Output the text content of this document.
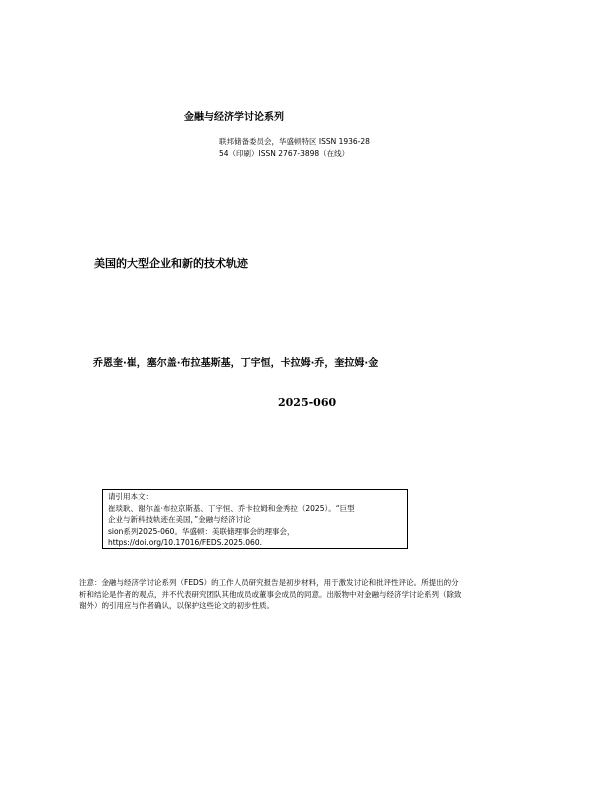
金融与经济学讨论系列
联邦储备委员会，华盛顿特区 ISSN 1936-28
54（印刷）ISSN 2767-3898（在线）
美国的大型企业和新的技术轨迹
乔恩奎·崔，塞尔盖·布拉基斯基，丁宇恒，卡拉姆·乔，奎拉姆·金
2025-060
请引用本文：
崔琰耿、谢尔盖·布拉京斯基、丁宇恒、乔卡拉姆和金秀拉（2025）。“巨型
企业与新科技轨迹在美国，”金融与经济讨论
sion系列2025-060。华盛顿：美联储理事会的理事会，
https://doi.org/10.17016/FEDS.2025.060.
注意：金融与经济学讨论系列（FEDS）的工作人员研究报告是初步材料，用于激发讨论和批评性评论。所提出的分
析和结论是作者的观点，并不代表研究团队其他成员或董事会成员的同意。出版物中对金融与经济学讨论系列（除致
谢外）的引用应与作者确认，以保护这些论文的初步性质。
